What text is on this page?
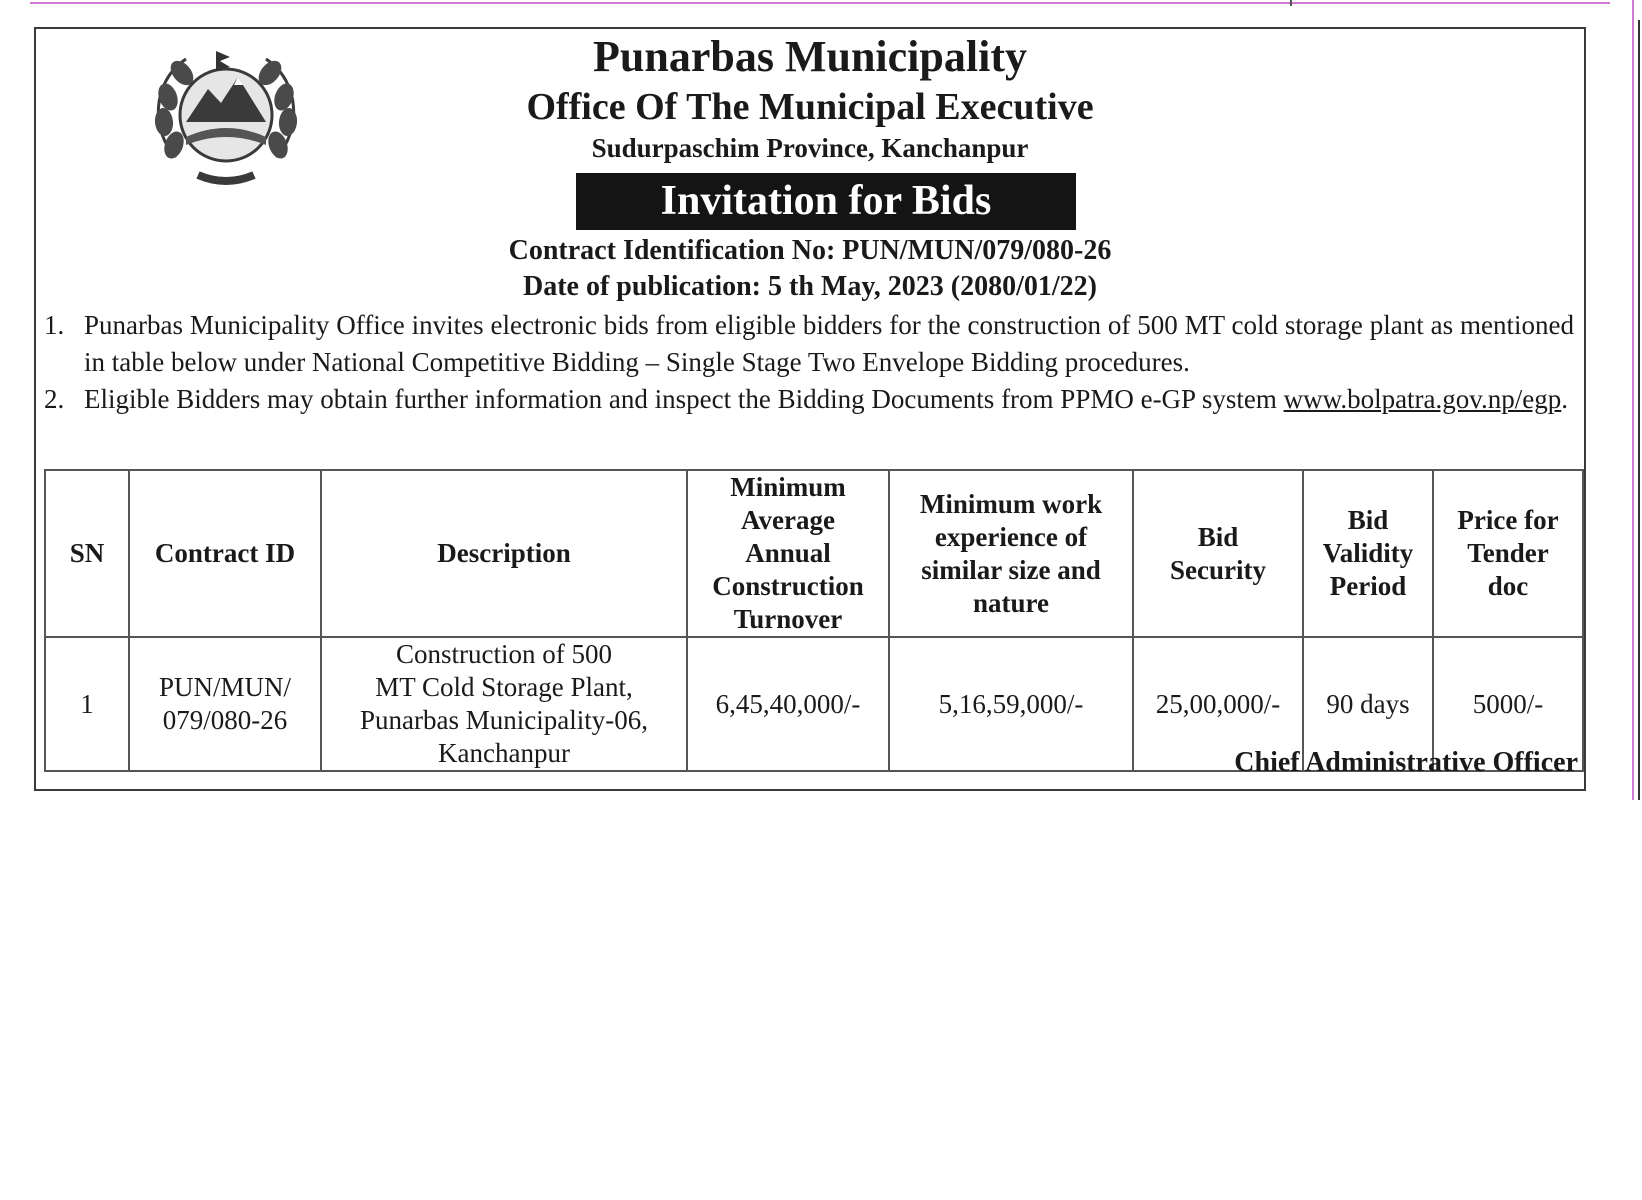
Punarbas Municipality
Office Of The Municipal Executive
Sudurpaschim Province, Kanchanpur
Invitation for Bids
Contract Identification No: PUN/MUN/079/080-26
Date of publication: 5 th May, 2023 (2080/01/22)
1. Punarbas Municipality Office invites electronic bids from eligible bidders for the construction of 500 MT cold storage plant as mentioned in table below under National Competitive Bidding – Single Stage Two Envelope Bidding procedures.
2. Eligible Bidders may obtain further information and inspect the Bidding Documents from PPMO e-GP system www.bolpatra.gov.np/egp.
SN	Contract ID	Description	Minimum
Average
Annual
Construction
Turnover	Minimum work
experience of
similar size and
nature	Bid
Security	Bid
Validity
Period	Price for
Tender
doc
1	PUN/MUN/
079/080-26	Construction of 500
MT Cold Storage Plant,
Punarbas Municipality-06,
Kanchanpur	6,45,40,000/-	5,16,59,000/-	25,00,000/-	90 days	5000/-
Chief Administrative Officer
